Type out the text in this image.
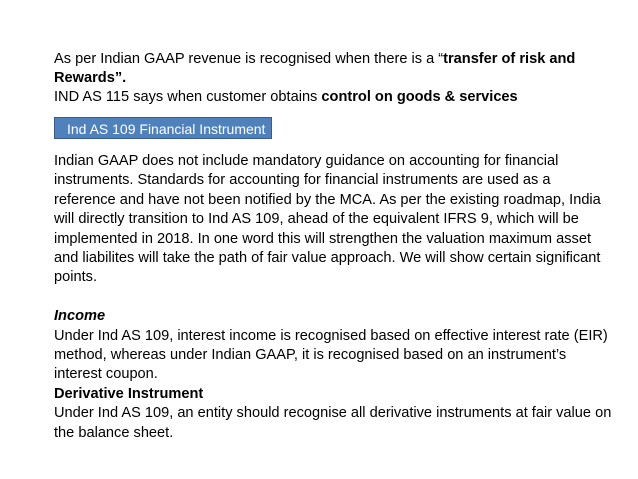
As per Indian GAAP revenue is recognised when there is a “transfer of risk and Rewards”.

IND AS 115 says when customer obtains control on goods & services

Ind AS 109 Financial Instrument

Indian GAAP does not include mandatory guidance on accounting for financial instruments. Standards for accounting for financial instruments are used as a reference and have not been notified by the MCA. As per the existing roadmap, India will directly transition to Ind AS 109, ahead of the equivalent IFRS 9, which will be implemented in 2018. In one word this will strengthen the valuation maximum asset and liabilites will take the path of fair value approach. We will show certain significant points.

Income

Under Ind AS 109, interest income is recognised based on effective interest rate (EIR) method, whereas under Indian GAAP, it is recognised based on an instrument’s interest coupon.

Derivative Instrument

Under Ind AS 109, an entity should recognise all derivative instruments at fair value on the balance sheet.
